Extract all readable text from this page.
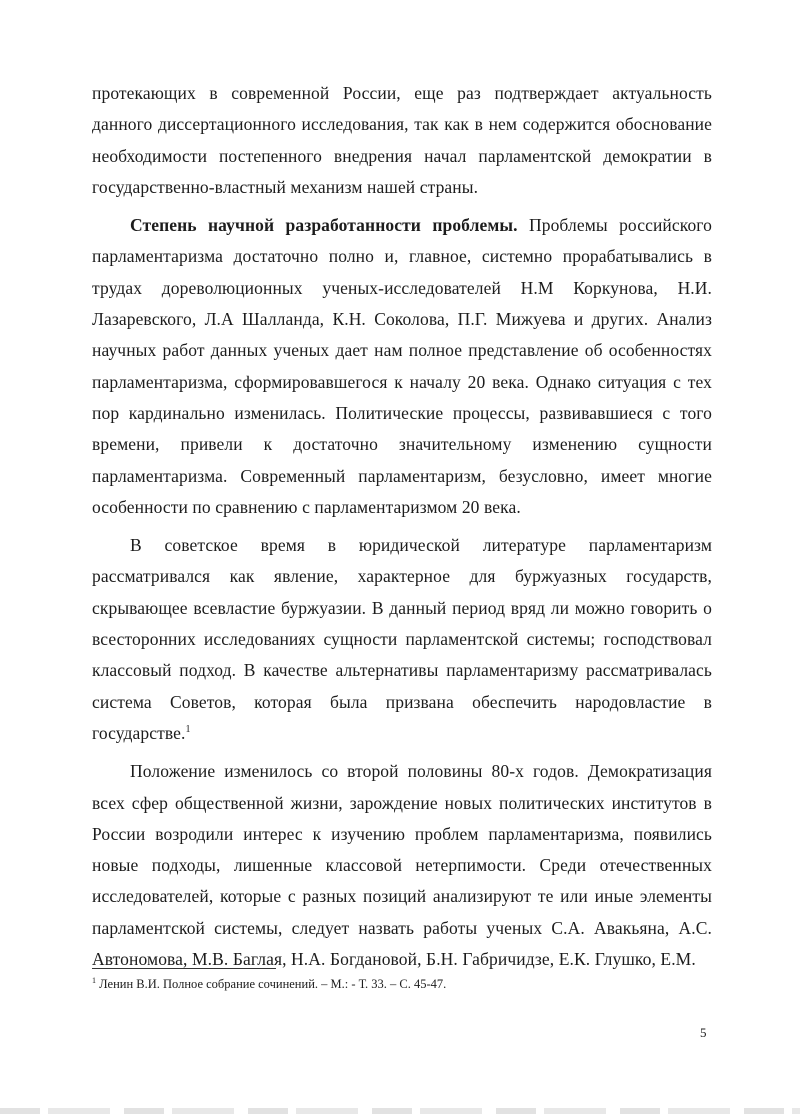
протекающих в современной России, еще раз подтверждает актуальность данного диссертационного исследования, так как в нем содержится обоснование необходимости постепенного внедрения начал парламентской демократии в государственно-властный механизм нашей страны.

Степень научной разработанности проблемы. Проблемы российского парламентаризма достаточно полно и, главное, системно прорабатывались в трудах дореволюционных ученых-исследователей Н.М Коркунова, Н.И. Лазаревского, Л.А Шалланда, К.Н. Соколова, П.Г. Мижуева и других. Анализ научных работ данных ученых дает нам полное представление об особенностях парламентаризма, сформировавшегося к началу 20 века. Однако ситуация с тех пор кардинально изменилась. Политические процессы, развивавшиеся с того времени, привели к достаточно значительному изменению сущности парламентаризма. Современный парламентаризм, безусловно, имеет многие особенности по сравнению с парламентаризмом 20 века.

В советское время в юридической литературе парламентаризм рассматривался как явление, характерное для буржуазных государств, скрывающее всевластие буржуазии. В данный период вряд ли можно говорить о всесторонних исследованиях сущности парламентской системы; господствовал классовый подход. В качестве альтернативы парламентаризму рассматривалась система Советов, которая была призвана обеспечить народовластие в государстве.$^1$

Положение изменилось со второй половины 80-х годов. Демократизация всех сфер общественной жизни, зарождение новых политических институтов в России возродили интерес к изучению проблем парламентаризма, появились новые подходы, лишенные классовой нетерпимости. Среди отечественных исследователей, которые с разных позиций анализируют те или иные элементы парламентской системы, следует назвать работы ученых С.А. Авакьяна, А.С. Автономова, М.В. Баглая, Н.А. Богдановой, Б.Н. Габричидзе, Е.К. Глушко, Е.М.

$^1$ Ленин В.И. Полное собрание сочинений. – М.: - Т. 33. – С. 45-47.
5
